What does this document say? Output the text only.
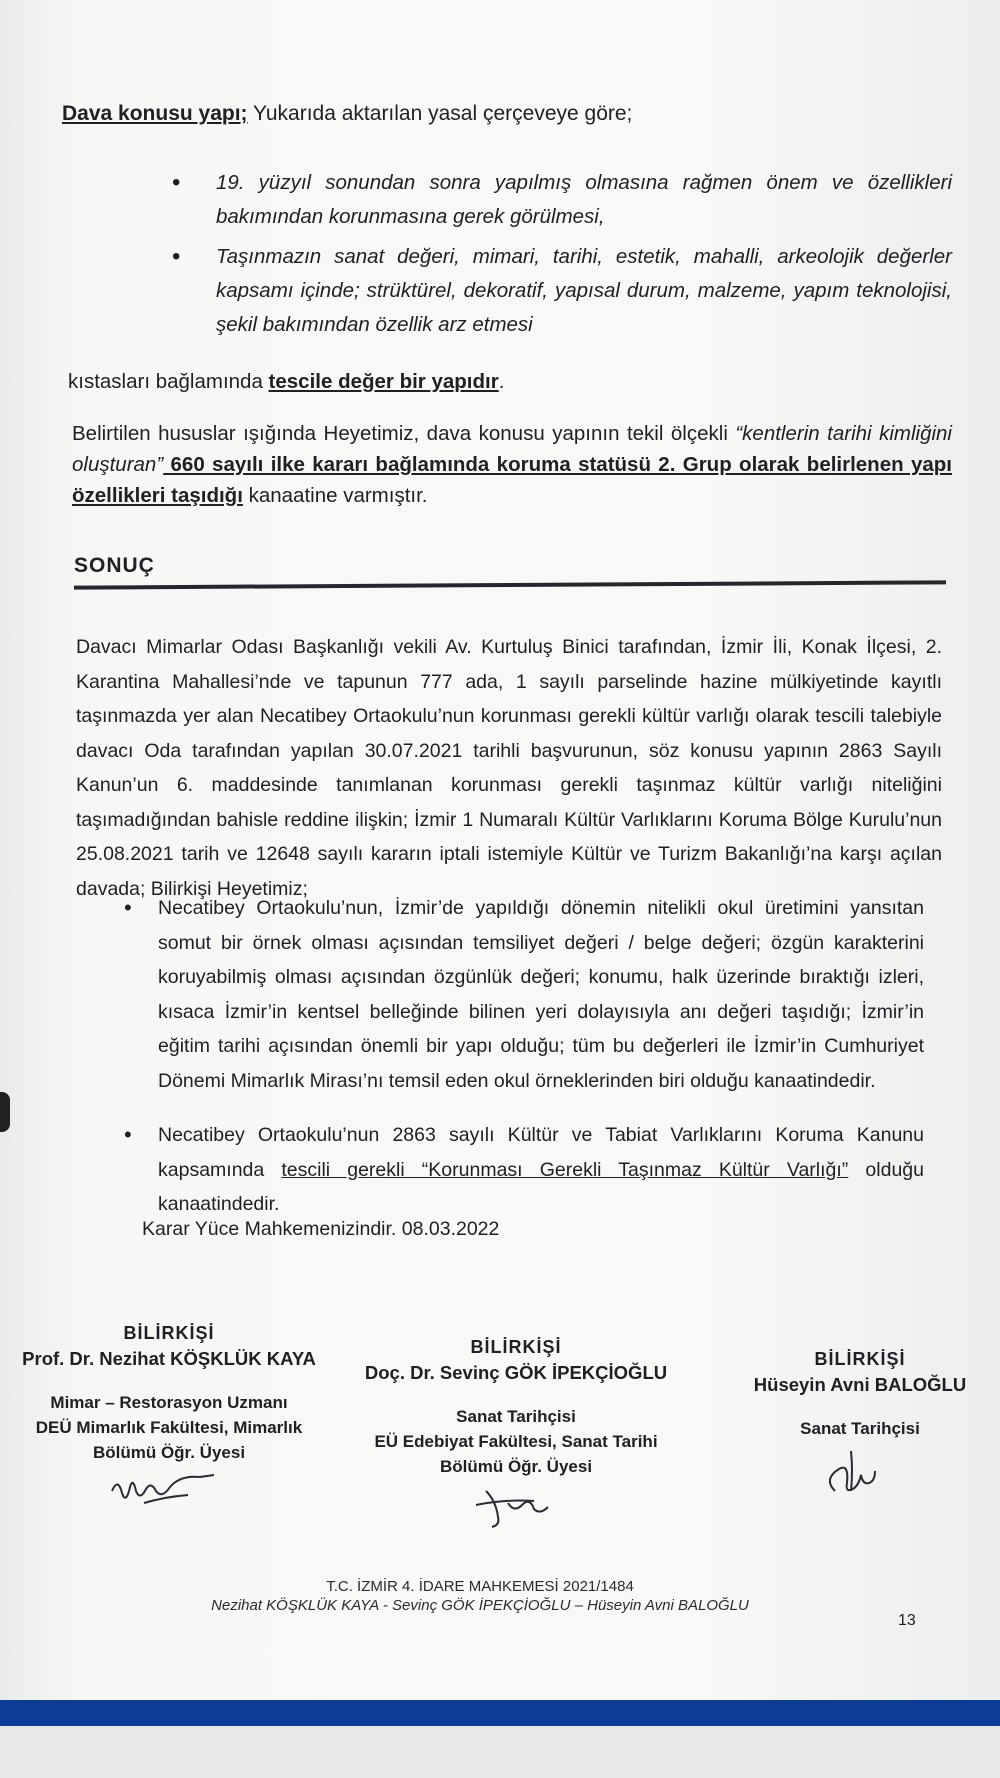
Dava konusu yapı; Yukarıda aktarılan yasal çerçeveye göre;
• 19. yüzyıl sonundan sonra yapılmış olmasına rağmen önem ve özellikleri bakımından korunmasına gerek görülmesi,
• Taşınmazın sanat değeri, mimari, tarihi, estetik, mahalli, arkeolojik değerler kapsamı içinde; strüktürel, dekoratif, yapısal durum, malzeme, yapım teknolojisi, şekil bakımından özellik arz etmesi
kıstasları bağlamında tescile değer bir yapıdır.
Belirtilen hususlar ışığında Heyetimiz, dava konusu yapının tekil ölçekli “kentlerin tarihi kimliğini oluşturan” 660 sayılı ilke kararı bağlamında koruma statüsü 2. Grup olarak belirlenen yapı özellikleri taşıdığı kanaatine varmıştır.
SONUÇ
Davacı Mimarlar Odası Başkanlığı vekili Av. Kurtuluş Binici tarafından, İzmir İli, Konak İlçesi, 2. Karantina Mahallesi’nde ve tapunun 777 ada, 1 sayılı parselinde hazine mülkiyetinde kayıtlı taşınmazda yer alan Necatibey Ortaokulu’nun korunması gerekli kültür varlığı olarak tescili talebiyle davacı Oda tarafından yapılan 30.07.2021 tarihli başvurunun, söz konusu yapının 2863 Sayılı Kanun’un 6. maddesinde tanımlanan korunması gerekli taşınmaz kültür varlığı niteliğini taşımadığından bahisle reddine ilişkin; İzmir 1 Numaralı Kültür Varlıklarını Koruma Bölge Kurulu’nun 25.08.2021 tarih ve 12648 sayılı kararın iptali istemiyle Kültür ve Turizm Bakanlığı’na karşı açılan davada; Bilirkişi Heyetimiz;
• Necatibey Ortaokulu’nun, İzmir’de yapıldığı dönemin nitelikli okul üretimini yansıtan somut bir örnek olması açısından temsiliyet değeri / belge değeri; özgün karakterini koruyabilmiş olması açısından özgünlük değeri; konumu, halk üzerinde bıraktığı izleri, kısaca İzmir’in kentsel belleğinde bilinen yeri dolayısıyla anı değeri taşıdığı; İzmir’in eğitim tarihi açısından önemli bir yapı olduğu; tüm bu değerleri ile İzmir’in Cumhuriyet Dönemi Mimarlık Mirası’nı temsil eden okul örneklerinden biri olduğu kanaatindedir.
• Necatibey Ortaokulu’nun 2863 sayılı Kültür ve Tabiat Varlıklarını Koruma Kanunu kapsamında tescili gerekli “Korunması Gerekli Taşınmaz Kültür Varlığı” olduğu kanaatindedir.
Karar Yüce Mahkemenizindir. 08.03.2022
BİLİRKİŞİ
Prof. Dr. Nezihat KÖŞKLÜK KAYA
Mimar – Restorasyon Uzmanı
DEÜ Mimarlık Fakültesi, Mimarlık
Bölümü Öğr. Üyesi
BİLİRKİŞİ
Doç. Dr. Sevinç GÖK İPEKÇİOĞLU
Sanat Tarihçisi
EÜ Edebiyat Fakültesi, Sanat Tarihi
Bölümü Öğr. Üyesi
BİLİRKİŞİ
Hüseyin Avni BALOĞLU
Sanat Tarihçisi
T.C. İZMİR 4. İDARE MAHKEMESİ 2021/1484
Nezihat KÖŞKLÜK KAYA - Sevinç GÖK İPEKÇİOĞLU – Hüseyin Avni BALOĞLU
13
